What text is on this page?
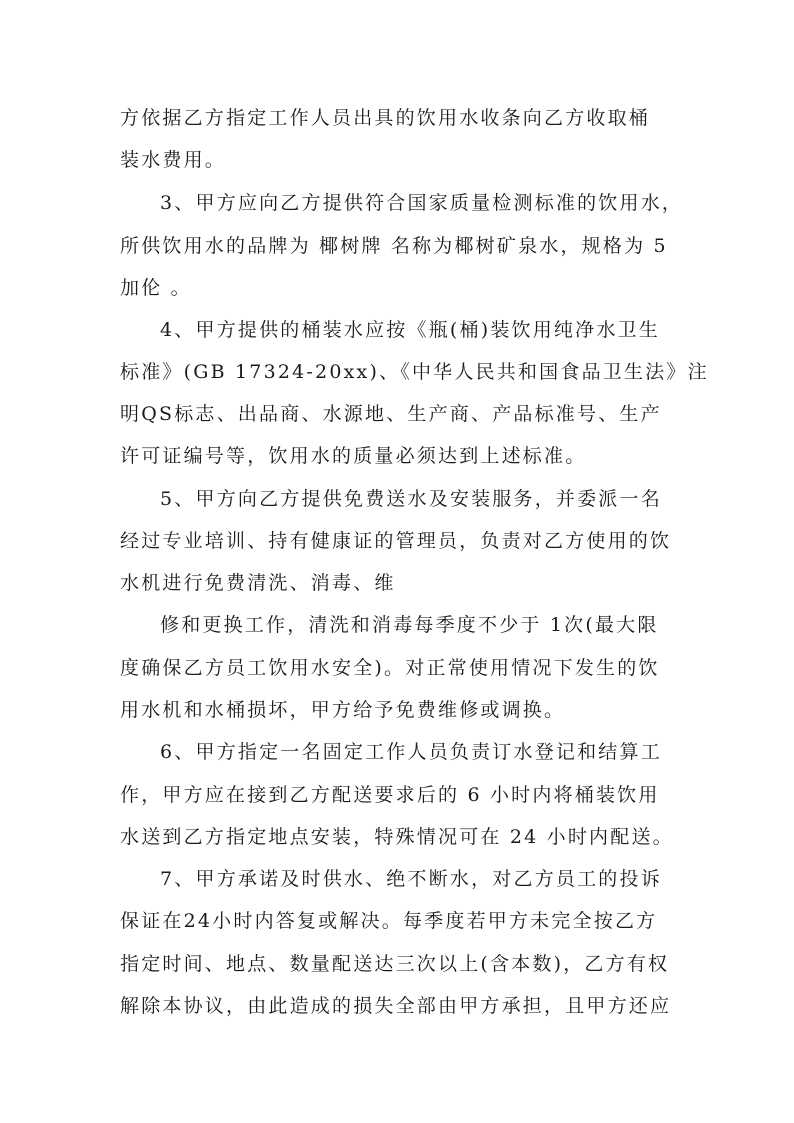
方依据乙方指定工作人员出具的饮用水收条向乙方收取桶
装水费用。
3、甲方应向乙方提供符合国家质量检测标准的饮用水，
所供饮用水的品牌为 椰树牌 名称为椰树矿泉水，规格为 5
加伦 。
4、甲方提供的桶装水应按《瓶(桶)装饮用纯净水卫生
标准》(GB 17324-20xx)、《中华人民共和国食品卫生法》注
明QS标志、出品商、水源地、生产商、产品标准号、生产
许可证编号等，饮用水的质量必须达到上述标准。
5、甲方向乙方提供免费送水及安装服务，并委派一名
经过专业培训、持有健康证的管理员，负责对乙方使用的饮
水机进行免费清洗、消毒、维
修和更换工作，清洗和消毒每季度不少于 1次(最大限
度确保乙方员工饮用水安全)。对正常使用情况下发生的饮
用水机和水桶损坏，甲方给予免费维修或调换。
6、甲方指定一名固定工作人员负责订水登记和结算工
作，甲方应在接到乙方配送要求后的 6 小时内将桶装饮用
水送到乙方指定地点安装，特殊情况可在 24 小时内配送。
7、甲方承诺及时供水、绝不断水，对乙方员工的投诉
保证在24小时内答复或解决。每季度若甲方未完全按乙方
指定时间、地点、数量配送达三次以上(含本数)，乙方有权
解除本协议，由此造成的损失全部由甲方承担，且甲方还应
